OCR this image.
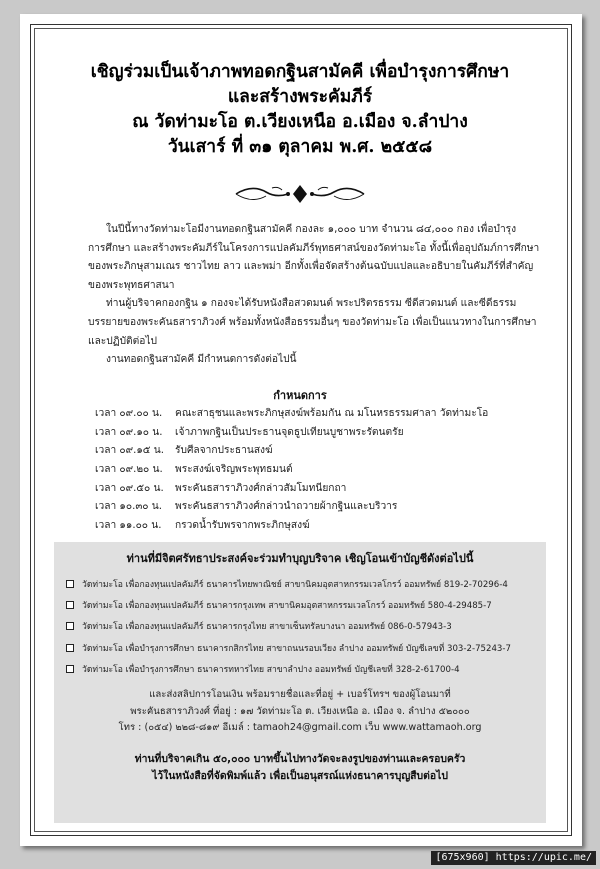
เชิญร่วมเป็นเจ้าภาพทอดกฐินสามัคคี เพื่อบำรุงการศึกษา
และสร้างพระคัมภีร์
ณ วัดท่ามะโอ ต.เวียงเหนือ อ.เมือง จ.ลำปาง
วันเสาร์ ที่ ๓๑ ตุลาคม พ.ศ. ๒๕๕๘
ในปีนี้ทางวัดท่ามะโอมีงานทอดกฐินสามัคคี กองละ ๑,๐๐๐ บาท จำนวน ๘๔,๐๐๐ กอง เพื่อบำรุง
การศึกษา และสร้างพระคัมภีร์ในโครงการแปลคัมภีร์พุทธศาสน์ของวัดท่ามะโอ ทั้งนี้เพื่ออุปถัมภ์การศึกษา
ของพระภิกษุสามเณร ชาวไทย ลาว และพม่า อีกทั้งเพื่อจัดสร้างต้นฉบับแปลและอธิบายในคัมภีร์ที่สำคัญ
ของพระพุทธศาสนา
ท่านผู้บริจาคกองกฐิน ๑ กองจะได้รับหนังสือสวดมนต์ พระปริตรธรรม ซีดีสวดมนต์ และซีดีธรรม
บรรยายของพระคันธสาราภิวงศ์ พร้อมทั้งหนังสือธรรมอื่นๆ ของวัดท่ามะโอ เพื่อเป็นแนวทางในการศึกษา
และปฏิบัติต่อไป
งานทอดกฐินสามัคคี มีกำหนดการดังต่อไปนี้
กำหนดการ
เวลา ๐๙.๐๐ น.	คณะสาธุชนและพระภิกษุสงฆ์พร้อมกัน ณ มโนหรธรรมศาลา วัดท่ามะโอ
เวลา ๐๙.๑๐ น.	เจ้าภาพกฐินเป็นประธานจุดธูปเทียนบูชาพระรัตนตรัย
เวลา ๐๙.๑๕ น.	รับศีลจากประธานสงฆ์
เวลา ๐๙.๒๐ น.	พระสงฆ์เจริญพระพุทธมนต์
เวลา ๐๙.๕๐ น.	พระคันธสาราภิวงศ์กล่าวสัมโมทนียกถา
เวลา ๑๐.๓๐ น.	พระคันธสาราภิวงศ์กล่าวนำถวายผ้ากฐินและบริวาร
เวลา ๑๑.๐๐ น.	กรวดน้ำรับพรจากพระภิกษุสงฆ์
ท่านที่มีจิตศรัทธาประสงค์จะร่วมทำบุญบริจาค เชิญโอนเข้าบัญชีดังต่อไปนี้
วัดท่ามะโอ เพื่อกองทุนแปลคัมภีร์ ธนาคารไทยพาณิชย์ สาขานิคมอุตสาหกรรมเวลโกรว์ ออมทรัพย์ 819-2-70296-4
วัดท่ามะโอ เพื่อกองทุนแปลคัมภีร์ ธนาคารกรุงเทพ สาขานิคมอุตสาหกรรมเวลโกรว์ ออมทรัพย์ 580-4-29485-7
วัดท่ามะโอ เพื่อกองทุนแปลคัมภีร์ ธนาคารกรุงไทย สาขาเซ็นทรัลบางนา ออมทรัพย์ 086-0-57943-3
วัดท่ามะโอ เพื่อบำรุงการศึกษา ธนาคารกสิกรไทย สาขาถนนรอบเวียง ลำปาง ออมทรัพย์ บัญชีเลขที่ 303-2-75243-7
วัดท่ามะโอ เพื่อบำรุงการศึกษา ธนาคารทหารไทย สาขาลำปาง ออมทรัพย์ บัญชีเลขที่ 328-2-61700-4
และส่งสลิปการโอนเงิน พร้อมรายชื่อและที่อยู่ + เบอร์โทรฯ ของผู้โอนมาที่
พระคันธสาราภิวงศ์ ที่อยู่ : ๑๗ วัดท่ามะโอ ต. เวียงเหนือ อ. เมือง จ. ลำปาง ๕๒๐๐๐
โทร : (๐๕๔) ๒๒๘-๘๑๙ อีเมล์ : tamaoh24@gmail.com เว็บ www.wattamaoh.org
ท่านที่บริจาคเกิน ๕๐,๐๐๐ บาทขึ้นไปทางวัดจะลงรูปของท่านและครอบครัว
ไว้ในหนังสือที่จัดพิมพ์แล้ว เพื่อเป็นอนุสรณ์แห่งธนาคารบุญสืบต่อไป
[675x960] https://upic.me/
